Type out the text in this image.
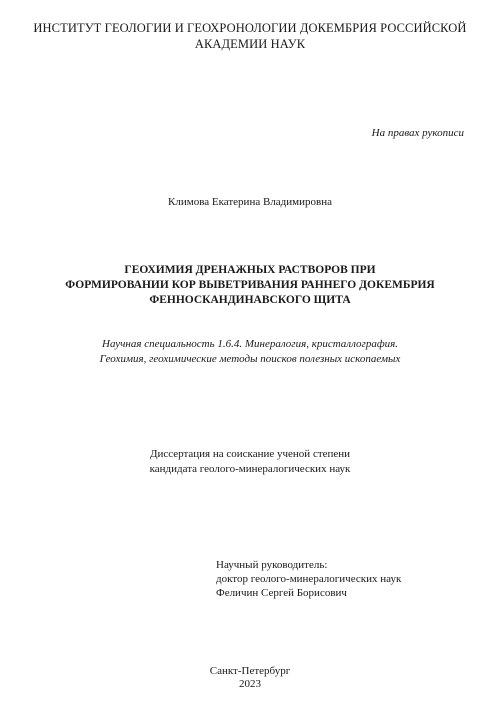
ИНСТИТУТ ГЕОЛОГИИ И ГЕОХРОНОЛОГИИ ДОКЕМБРИЯ РОССИЙСКОЙ
АКАДЕМИИ НАУК
На правах рукописи
Климова Екатерина Владимировна
ГЕОХИМИЯ ДРЕНАЖНЫХ РАСТВОРОВ ПРИ
ФОРМИРОВАНИИ КОР ВЫВЕТРИВАНИЯ РАННЕГО ДОКЕМБРИЯ
ФЕННОСКАНДИНАВСКОГО ЩИТА
Научная специальность 1.6.4. Минералогия, кристаллография.
Геохимия, геохимические методы поисков полезных ископаемых
Диссертация на соискание ученой степени
кандидата геолого-минералогических наук
Научный руководитель:
доктор геолого-минералогических наук
Феличин Сергей Борисович
Санкт-Петербург
2023
